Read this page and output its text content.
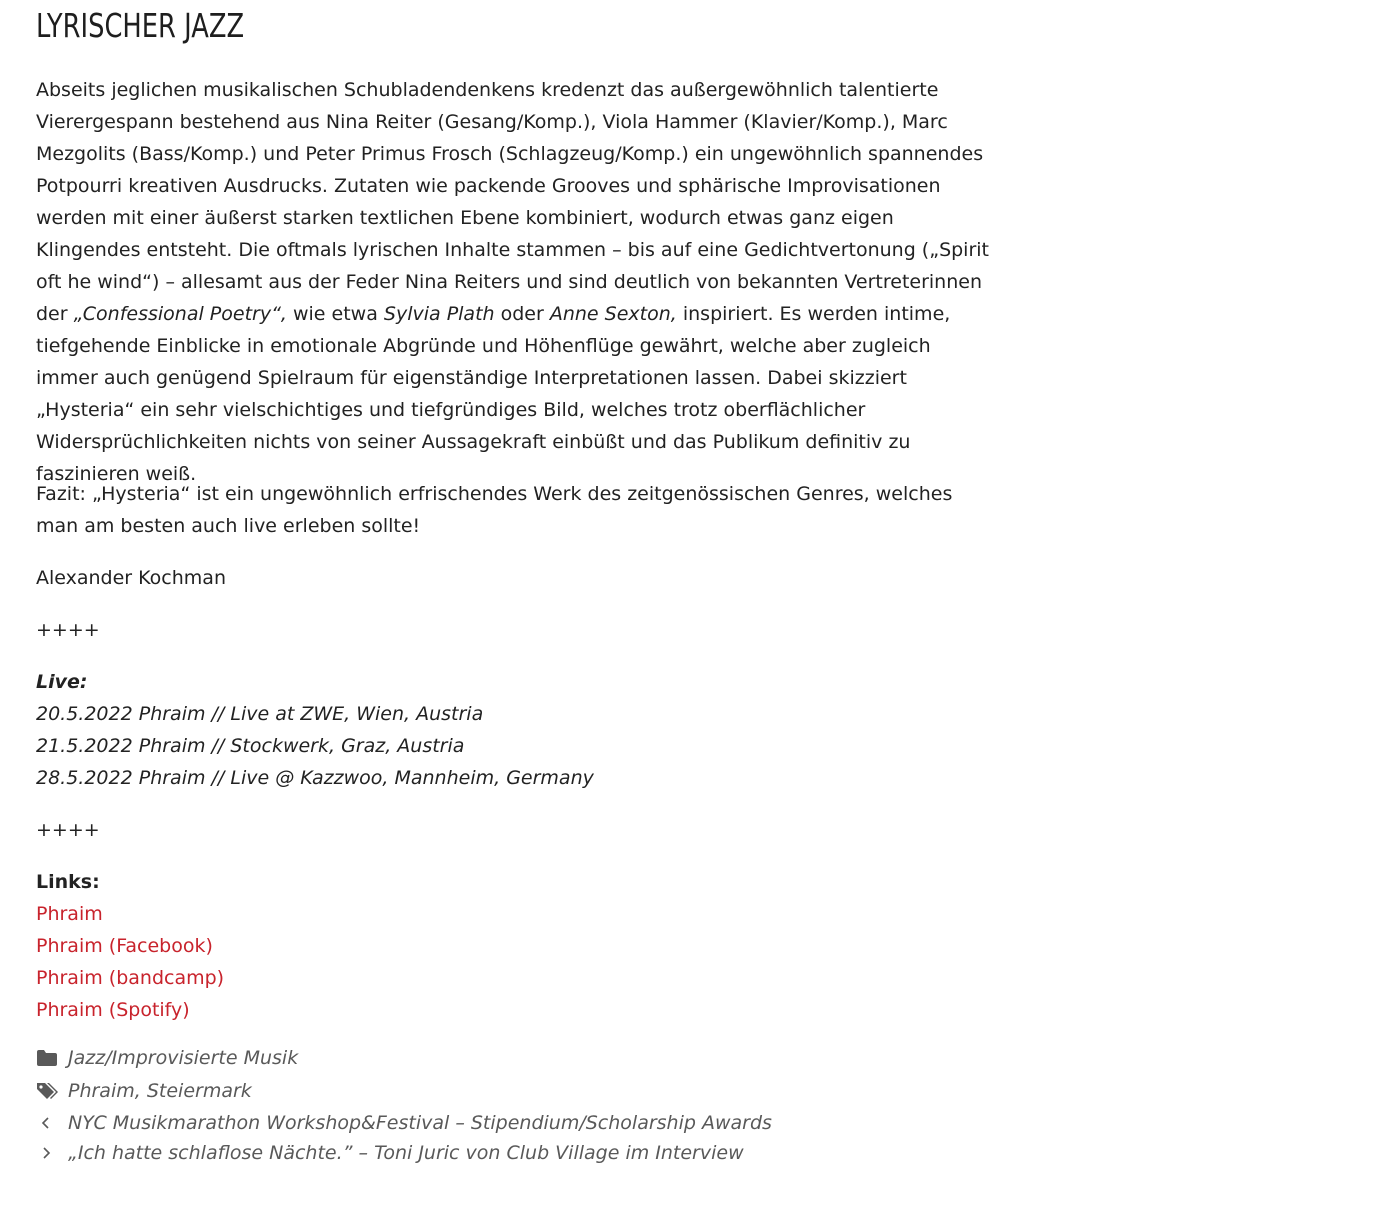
LYRISCHER JAZZ

Abseits jeglichen musikalischen Schubladendenkens kredenzt das außergewöhnlich talentierte Vierergespann bestehend aus Nina Reiter (Gesang/Komp.), Viola Hammer (Klavier/Komp.), Marc Mezgolits (Bass/Komp.) und Peter Primus Frosch (Schlagzeug/Komp.) ein ungewöhnlich spannendes Potpourri kreativen Ausdrucks. Zutaten wie packende Grooves und sphärische Improvisationen werden mit einer äußerst starken textlichen Ebene kombiniert, wodurch etwas ganz eigen Klingendes entsteht. Die oftmals lyrischen Inhalte stammen – bis auf eine Gedichtvertonung („Spirit oft he wind“) – allesamt aus der Feder Nina Reiters und sind deutlich von bekannten Vertreterinnen der „Confessional Poetry“, wie etwa Sylvia Plath oder Anne Sexton, inspiriert. Es werden intime, tiefgehende Einblicke in emotionale Abgründe und Höhenflüge gewährt, welche aber zugleich immer auch genügend Spielraum für eigenständige Interpretationen lassen. Dabei skizziert „Hysteria“ ein sehr vielschichtiges und tiefgründiges Bild, welches trotz oberflächlicher Widersprüchlichkeiten nichts von seiner Aussagekraft einbüßt und das Publikum definitiv zu faszinieren weiß.

Fazit: „Hysteria“ ist ein ungewöhnlich erfrischendes Werk des zeitgenössischen Genres, welches man am besten auch live erleben sollte!

Alexander Kochman

++++

Live:
20.5.2022 Phraim // Live at ZWE, Wien, Austria
21.5.2022 Phraim // Stockwerk, Graz, Austria
28.5.2022 Phraim // Live @ Kazzwoo, Mannheim, Germany

++++

Links:
Phraim
Phraim (Facebook)
Phraim (bandcamp)
Phraim (Spotify)

Jazz/Improvisierte Musik
Phraim, Steiermark
NYC Musikmarathon Workshop&Festival – Stipendium/Scholarship Awards
„Ich hatte schlaflose Nächte.” – Toni Juric von Club Village im Interview
